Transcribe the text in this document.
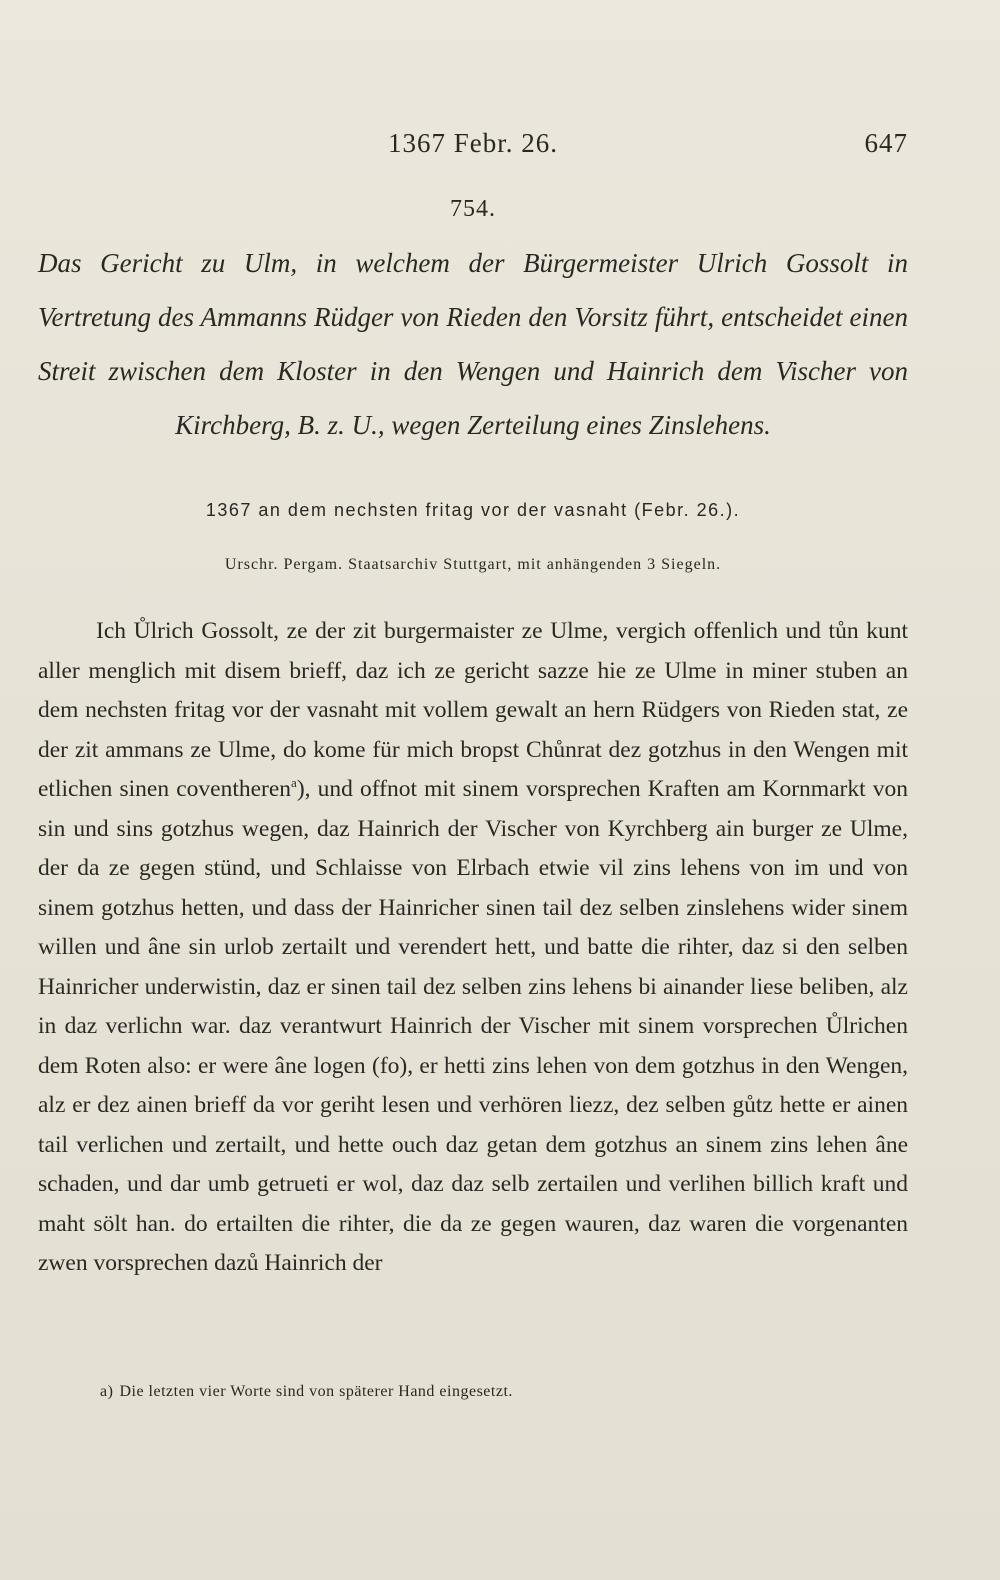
1367 Febr. 26.	647
754.
Das Gericht zu Ulm, in welchem der Bürgermeister Ulrich Gossolt in Vertretung des Ammanns Rüdger von Rieden den Vorsitz führt, entscheidet einen Streit zwischen dem Kloster in den Wengen und Hainrich dem Vischer von Kirchberg, B. z. U., wegen Zerteilung eines Zinslehens.
1367 an dem nechsten fritag vor der vasnaht (Febr. 26.).
Urschr. Pergam. Staatsarchiv Stuttgart, mit anhängenden 3 Siegeln.

Ich Ůlrich Gossolt, ze der zit burgermaister ze Ulme, vergich offenlich und tůn kunt aller menglich mit disem brieff, daz ich ze gericht sazze hie ze Ulme in miner stuben an dem nechsten fritag vor der vasnaht mit vollem gewalt an hern Rüdgers von Rieden stat, ze der zit ammans ze Ulme, do kome für mich bropst Chůnrat dez gotzhus in den Wengen mit etlichen sinen coventheren$^a$), und offnot mit sinem vorsprechen Kraften am Kornmarkt von sin und sins gotzhus wegen, daz Hainrich der Vischer von Kyrchberg ain burger ze Ulme, der da ze gegen stünd, und Schlaisse von Elrbach etwie vil zins lehens von im und von sinem gotzhus hetten, und dass der Hainricher sinen tail dez selben zinslehens wider sinem willen und âne sin urlob zertailt und verendert hett, und batte die rihter, daz si den selben Hainricher underwistin, daz er sinen tail dez selben zins lehens bi ainander liese beliben, alz in daz verlichn war. daz verantwurt Hainrich der Vischer mit sinem vorsprechen Ůlrichen dem Roten also: er were âne logen (fo), er hetti zins lehen von dem gotzhus in den Wengen, alz er dez ainen brieff da vor geriht lesen und verhören liezz, dez selben gůtz hette er ainen tail verlichen und zertailt, und hette ouch daz getan dem gotzhus an sinem zins lehen âne schaden, und dar umb getrueti er wol, daz daz selb zertailen und verlihen billich kraft und maht sölt han. do ertailten die rihter, die da ze gegen wauren, daz waren die vorgenanten zwen vorsprechen dazů Hainrich der

a) Die letzten vier Worte sind von späterer Hand eingesetzt.
